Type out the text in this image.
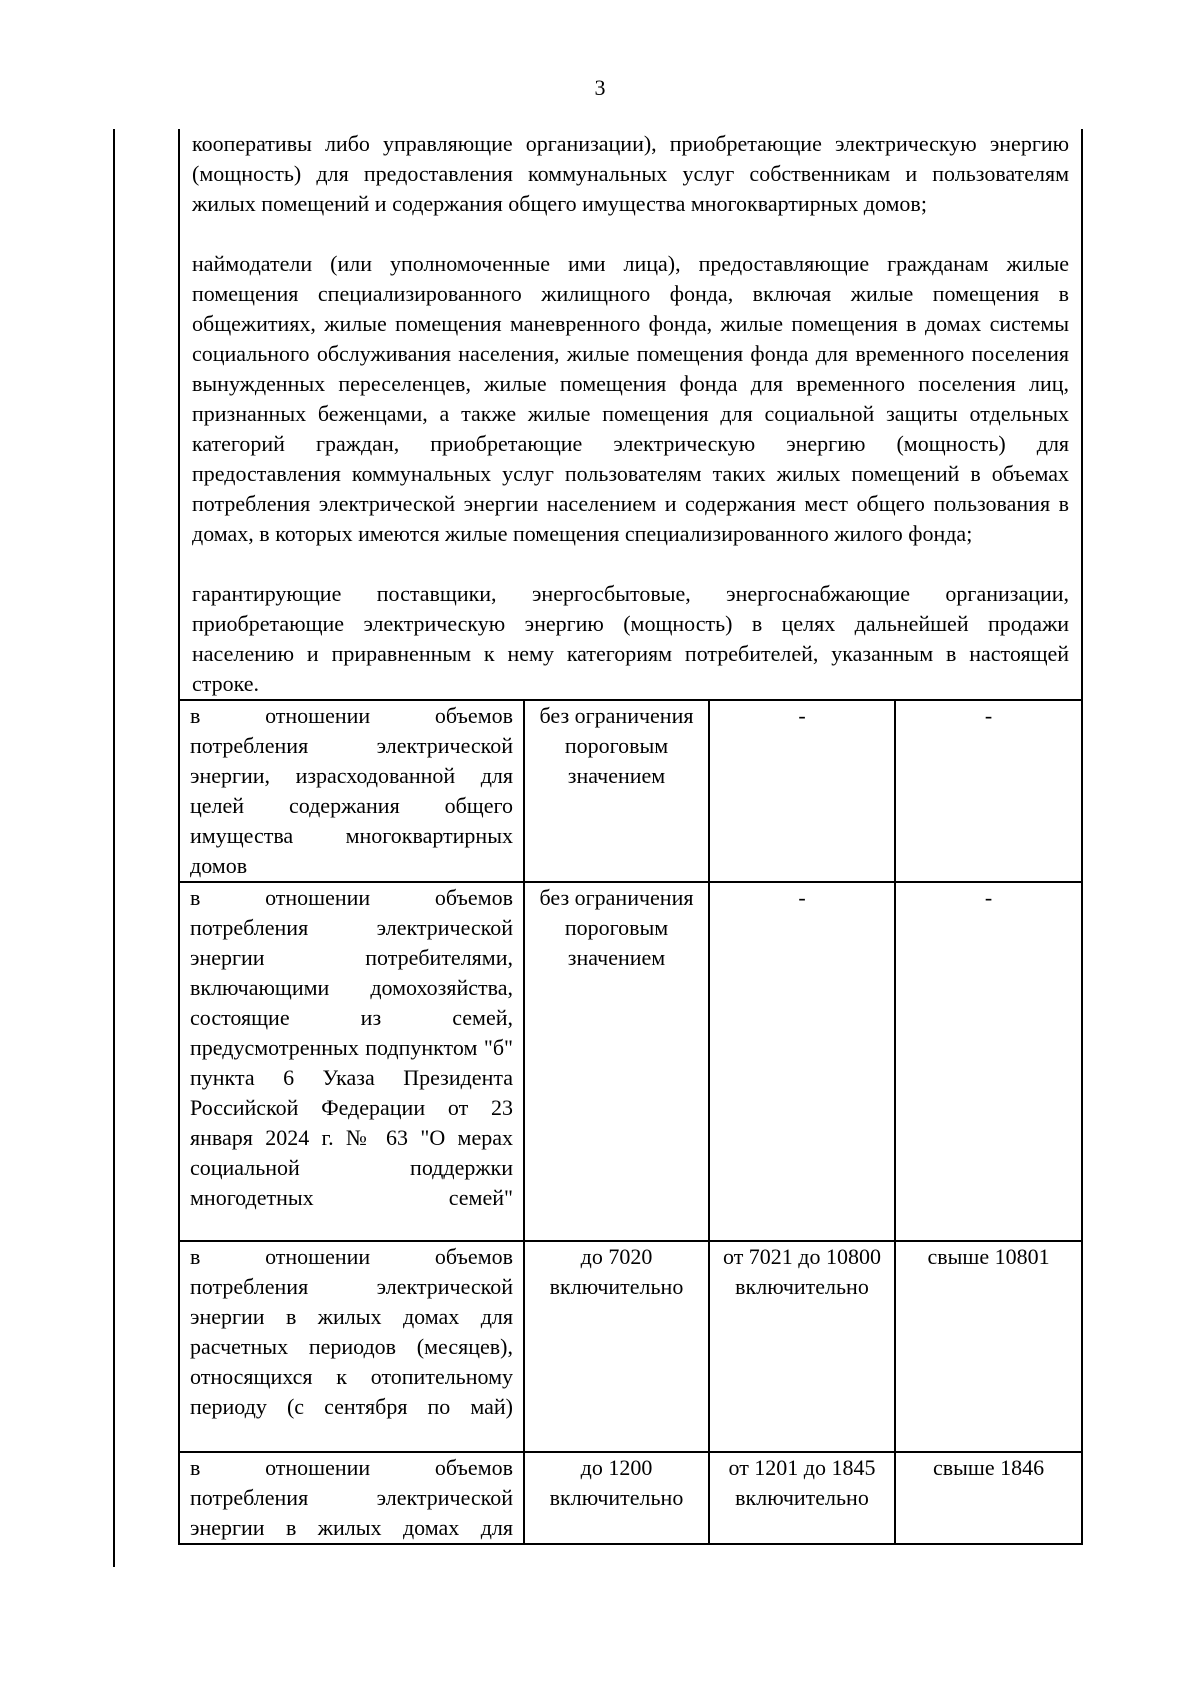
3

кооперативы либо управляющие организации), приобретающие электрическую энергию (мощность) для предоставления коммунальных услуг собственникам и пользователям жилых помещений и содержания общего имущества многоквартирных домов;

наймодатели (или уполномоченные ими лица), предоставляющие гражданам жилые помещения специализированного жилищного фонда, включая жилые помещения в общежитиях, жилые помещения маневренного фонда, жилые помещения в домах системы социального обслуживания населения, жилые помещения фонда для временного поселения вынужденных переселенцев, жилые помещения фонда для временного поселения лиц, признанных беженцами, а также жилые помещения для социальной защиты отдельных категорий граждан, приобретающие электрическую энергию (мощность) для предоставления коммунальных услуг пользователям таких жилых помещений в объемах потребления электрической энергии населением и содержания мест общего пользования в домах, в которых имеются жилые помещения специализированного жилого фонда;

гарантирующие поставщики, энергосбытовые, энергоснабжающие организации, приобретающие электрическую энергию (мощность) в целях дальнейшей продажи населению и приравненным к нему категориям потребителей, указанным в настоящей строке.			

в отношении объемов потребления электрической энергии, израсходованной для целей содержания общего имущества многоквартирных домов	без ограничения пороговым значением	-	-
в отношении объемов потребления электрической энергии потребителями, включающими домохозяйства, состоящие из семей, предусмотренных подпунктом "б" пункта 6 Указа Президента Российской Федерации от 23 января 2024 г. № 63 "О мерах социальной поддержки многодетных семей"	без ограничения пороговым значением	-	-
в отношении объемов потребления электрической энергии в жилых домах для расчетных периодов (месяцев), относящихся к отопительному периоду (с сентября по май)	до 7020 включительно	от 7021 до 10800 включительно	свыше 10801
в отношении объемов потребления электрической энергии в жилых домах для	до 1200 включительно	от 1201 до 1845 включительно	свыше 1846
